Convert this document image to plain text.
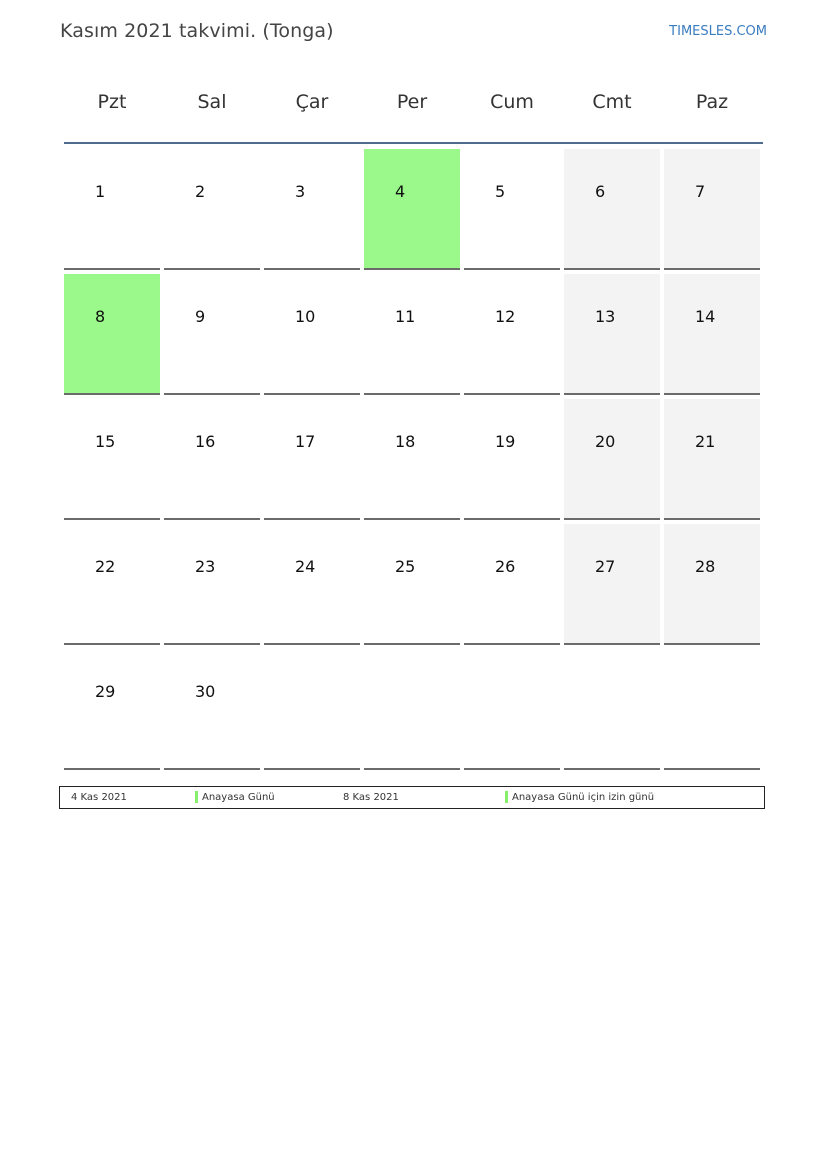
Kasım 2021 takvimi. (Tonga)	TIMESLES.COM
Pzt	Sal	Çar	Per	Cum	Cmt	Paz
1	2	3	4	5	6	7
8	9	10	11	12	13	14
15	16	17	18	19	20	21
22	23	24	25	26	27	28
29	30
4 Kas 2021	Anayasa Günü	8 Kas 2021	Anayasa Günü için izin günü
